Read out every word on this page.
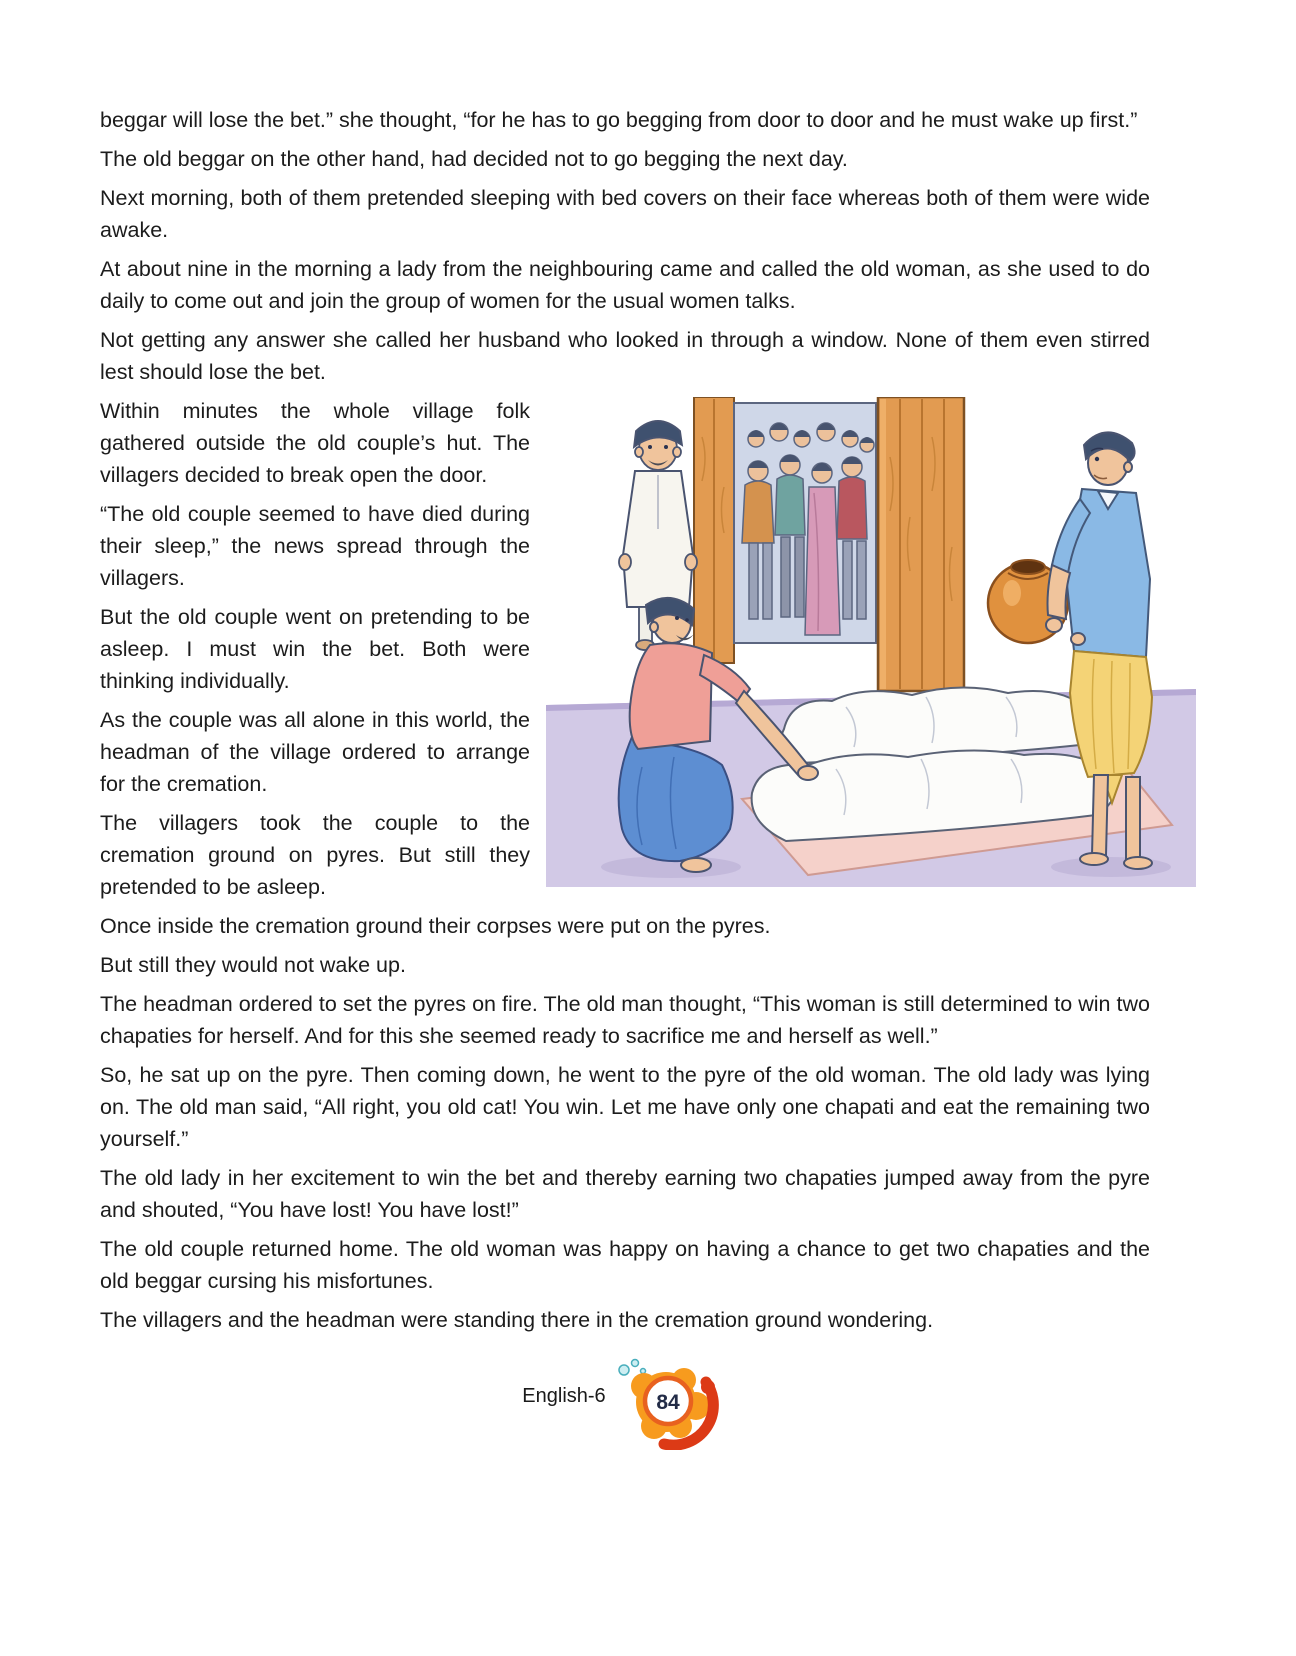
beggar will lose the bet.” she thought, “for he has to go begging from door to door and he must wake up first.”

The old beggar on the other hand, had decided not to go begging the next day.

Next morning, both of them pretended sleeping with bed covers on their face whereas both of them were wide awake.

At about nine in the morning a lady from the neighbouring came and called the old woman, as she used to do daily to come out and join the group of women for the usual women talks.

Not getting any answer she called her husband who looked in through a window. None of them even stirred lest should lose the bet.

Within minutes the whole village folk gathered outside the old couple’s hut. The villagers decided to break open the door.

“The old couple seemed to have died during their sleep,” the news spread through the villagers.

But the old couple went on pretending to be asleep. I must win the bet. Both were thinking individually.

As the couple was all alone in this world, the headman of the village ordered to arrange for the cremation.

The villagers took the couple to the cremation ground on pyres. But still they pretended to be asleep.

Once inside the cremation ground their corpses were put on the pyres.

But still they would not wake up.

The headman ordered to set the pyres on fire. The old man thought, “This woman is still determined to win two chapaties for herself. And for this she seemed ready to sacrifice me and herself as well.”

So, he sat up on the pyre. Then coming down, he went to the pyre of the old woman. The old lady was lying on. The old man said, “All right, you old cat! You win. Let me have only one chapati and eat the remaining two yourself.”

The old lady in her excitement to win the bet and thereby earning two chapaties jumped away from the pyre and shouted, “You have lost! You have lost!”

The old couple returned home. The old woman was happy on having a chance to get two chapaties and the old beggar cursing his misfortunes.

The villagers and the headman were standing there in the cremation ground wondering.

English-6 84
